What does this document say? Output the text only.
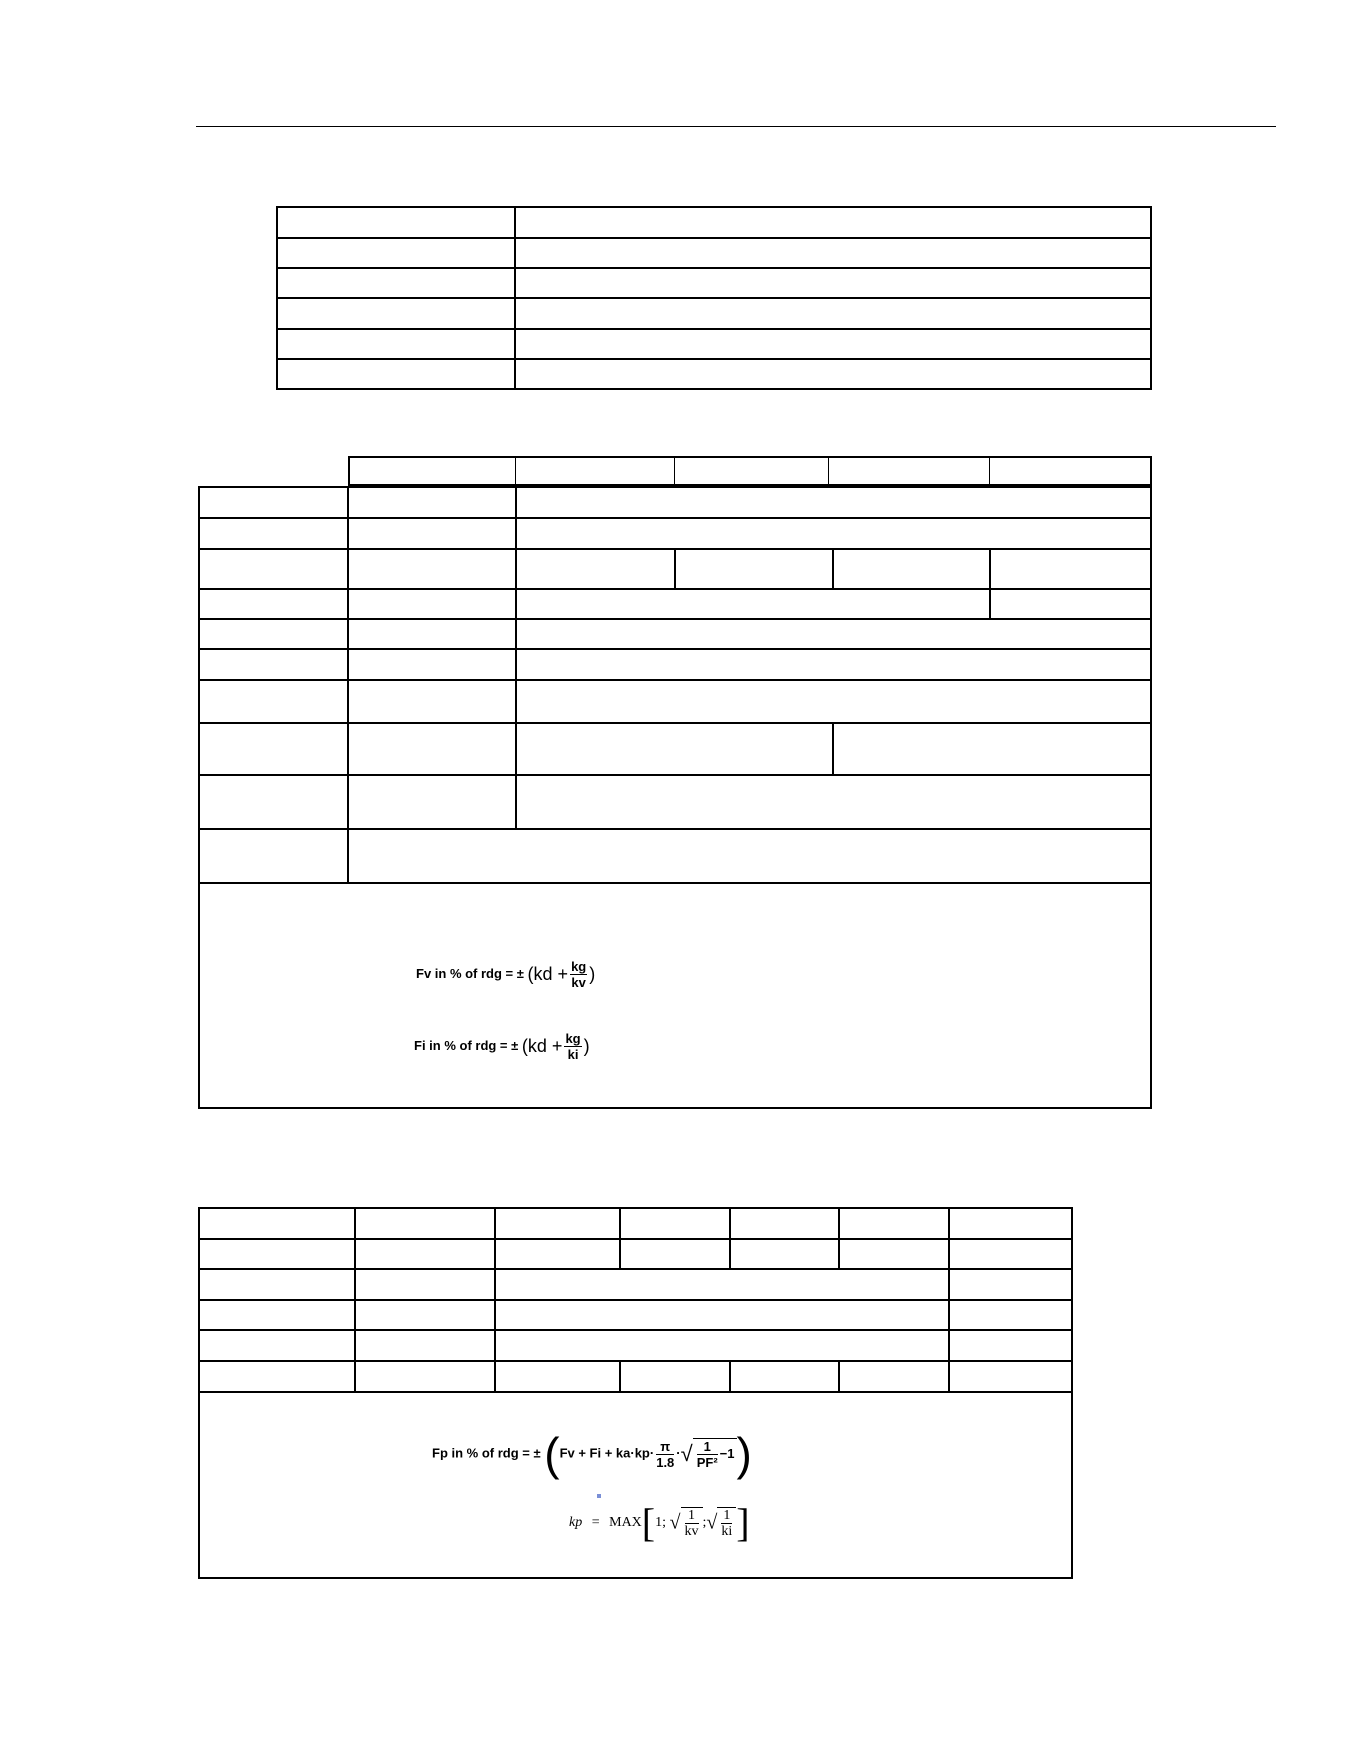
Fv in % of rdg = ± ($kd + \frac{kg}{kv}$ )
Fi in % of rdg = ± ($kd + \frac{kg}{ki}$ )
Fp in % of rdg = ± ($Fv + Fi + ka\cdot kp\cdot \frac{\pi}{1.8}$ ·√ $\frac{1}{\text{PF²}} -1$)
kp = MAX[1; √ $\frac{1}{kv}$ ;√ $\frac{1}{ki}$ ]
